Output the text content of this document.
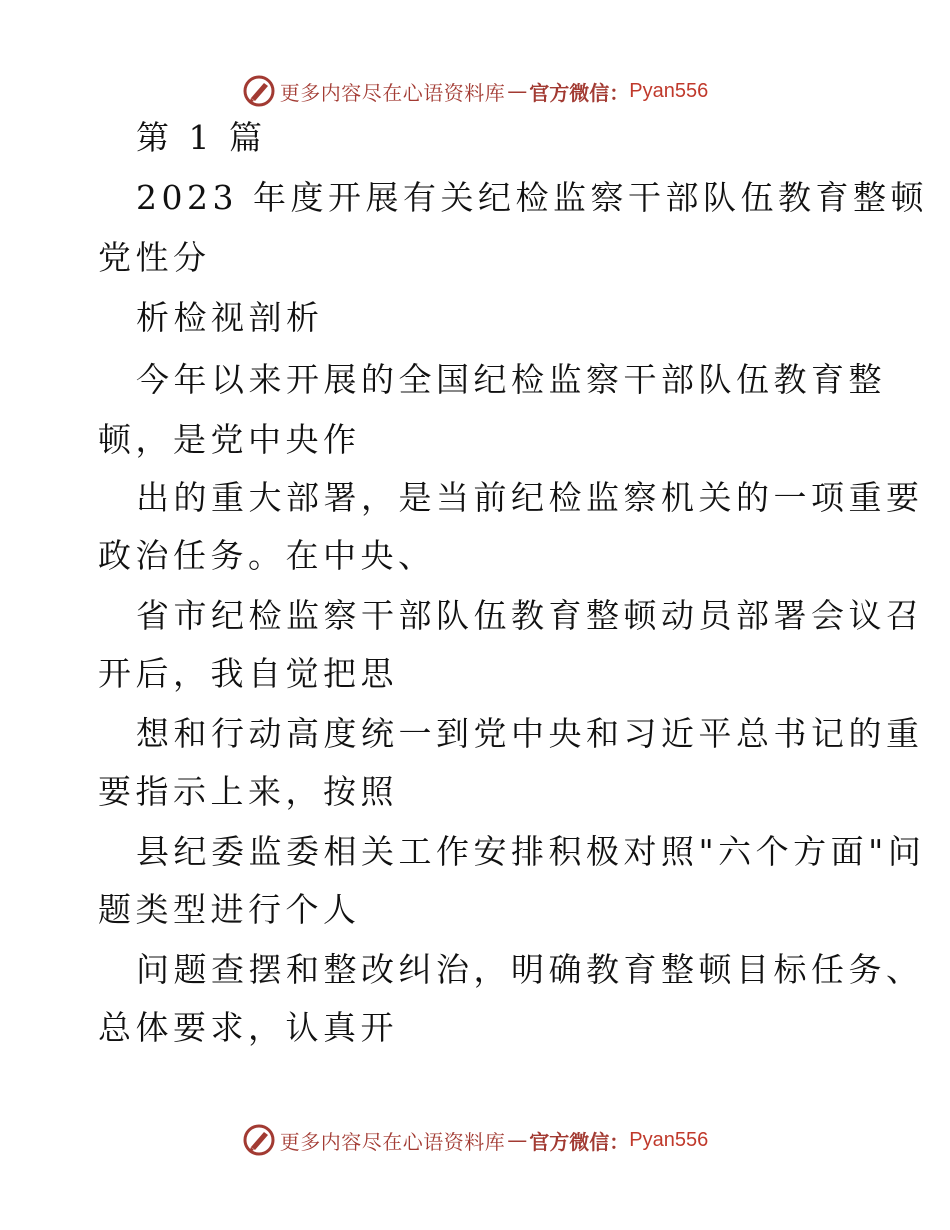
更多内容尽在心语资料库 — 官方微信： Pyan556
第 1 篇
2023 年度开展有关纪检监察干部队伍教育整顿
党性分
析检视剖析
今年以来开展的全国纪检监察干部队伍教育整
顿，是党中央作
出的重大部署，是当前纪检监察机关的一项重要
政治任务。在中央、
省市纪检监察干部队伍教育整顿动员部署会议召
开后，我自觉把思
想和行动高度统一到党中央和习近平总书记的重
要指示上来，按照
县纪委监委相关工作安排积极对照"六个方面"问
题类型进行个人
问题查摆和整改纠治，明确教育整顿目标任务、
总体要求，认真开
更多内容尽在心语资料库 — 官方微信： Pyan556
